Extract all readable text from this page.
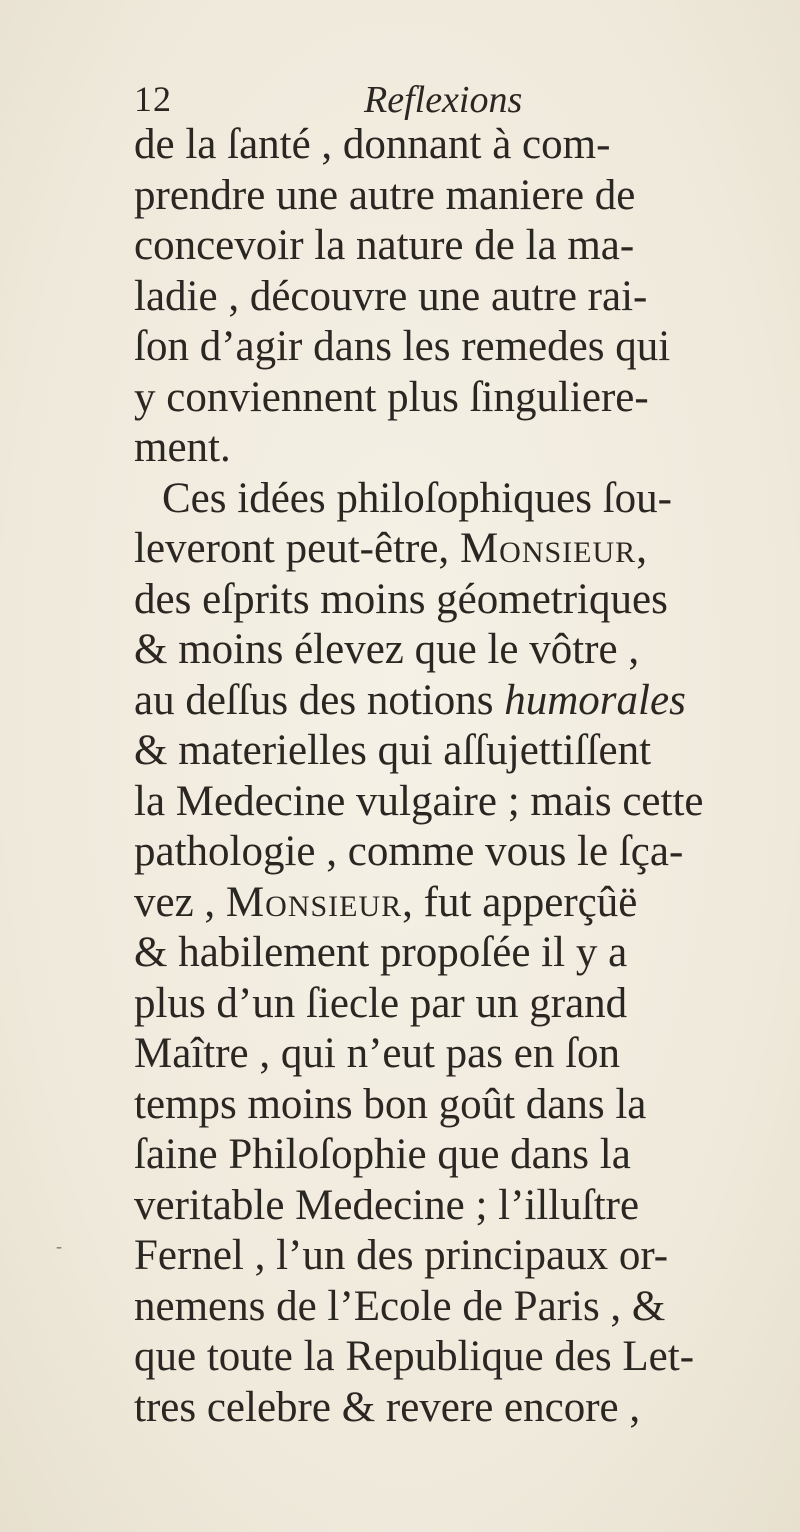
12	Reflexions
de la ſanté , donnant à com-
prendre une autre maniere de
concevoir la nature de la ma-
ladie , découvre une autre rai-
ſon d’agir dans les remedes qui
y conviennent plus ſinguliere-
ment.
Ces idées philoſophiques ſou-
leveront peut-être, Monsieur,
des eſprits moins géometriques
& moins élevez que le vôtre ,
au deſſus des notions humorales
& materielles qui aſſujettiſſent
la Medecine vulgaire ; mais cette
pathologie , comme vous le ſça-
vez , Monsieur, fut apperçûë
& habilement propoſée il y a
plus d’un ſiecle par un grand
Maître , qui n’eut pas en ſon
temps moins bon goût dans la
ſaine Philoſophie que dans la
veritable Medecine ; l’illuſtre
Fernel , l’un des principaux or-
nemens de l’Ecole de Paris , &
que toute la Republique des Let-
tres celebre & revere encore ,
-
